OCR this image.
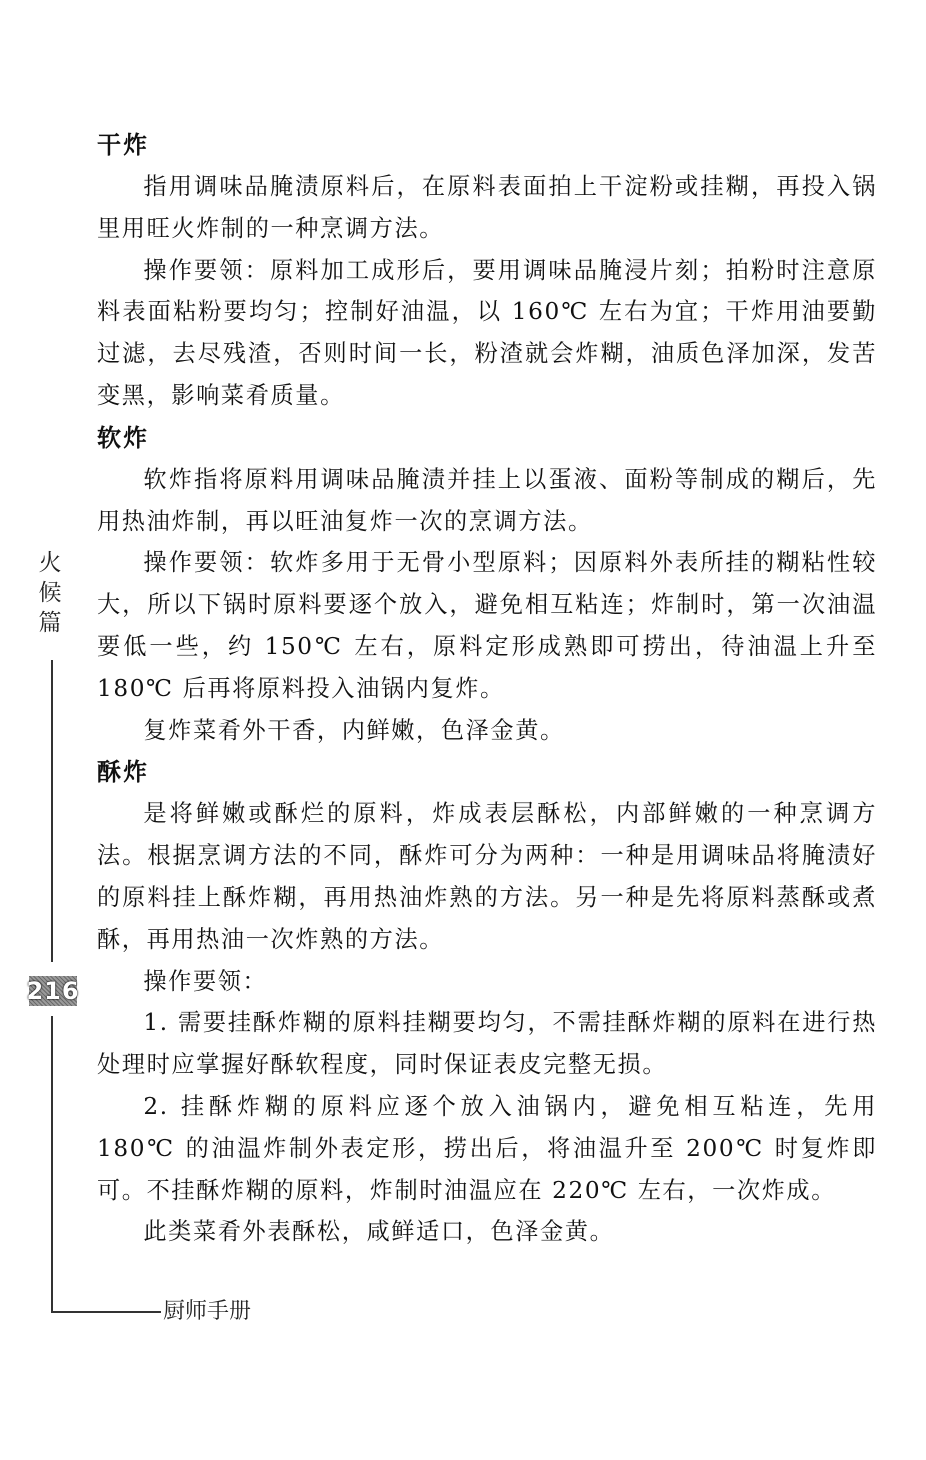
干炸

指用调味品腌渍原料后，在原料表面拍上干淀粉或挂糊，再投入锅里用旺火炸制的一种烹调方法。

操作要领：原料加工成形后，要用调味品腌浸片刻；拍粉时注意原料表面粘粉要均匀；控制好油温，以 160℃ 左右为宜；干炸用油要勤过滤，去尽残渣，否则时间一长，粉渣就会炸糊，油质色泽加深，发苦变黑，影响菜肴质量。

软炸

软炸指将原料用调味品腌渍并挂上以蛋液、面粉等制成的糊后，先用热油炸制，再以旺油复炸一次的烹调方法。

操作要领：软炸多用于无骨小型原料；因原料外表所挂的糊粘性较大，所以下锅时原料要逐个放入，避免相互粘连；炸制时，第一次油温要低一些，约 150℃ 左右，原料定形成熟即可捞出，待油温上升至 180℃ 后再将原料投入油锅内复炸。

复炸菜肴外干香，内鲜嫩，色泽金黄。

酥炸

是将鲜嫩或酥烂的原料，炸成表层酥松，内部鲜嫩的一种烹调方法。根据烹调方法的不同，酥炸可分为两种：一种是用调味品将腌渍好的原料挂上酥炸糊，再用热油炸熟的方法。另一种是先将原料蒸酥或煮酥，再用热油一次炸熟的方法。

操作要领：

1. 需要挂酥炸糊的原料挂糊要均匀，不需挂酥炸糊的原料在进行热处理时应掌握好酥软程度，同时保证表皮完整无损。

2. 挂酥炸糊的原料应逐个放入油锅内，避免相互粘连，先用 180℃ 的油温炸制外表定形，捞出后，将油温升至 200℃ 时复炸即可。不挂酥炸糊的原料，炸制时油温应在 220℃ 左右，一次炸成。

此类菜肴外表酥松，咸鲜适口，色泽金黄。

火
候
篇
216
厨师手册
